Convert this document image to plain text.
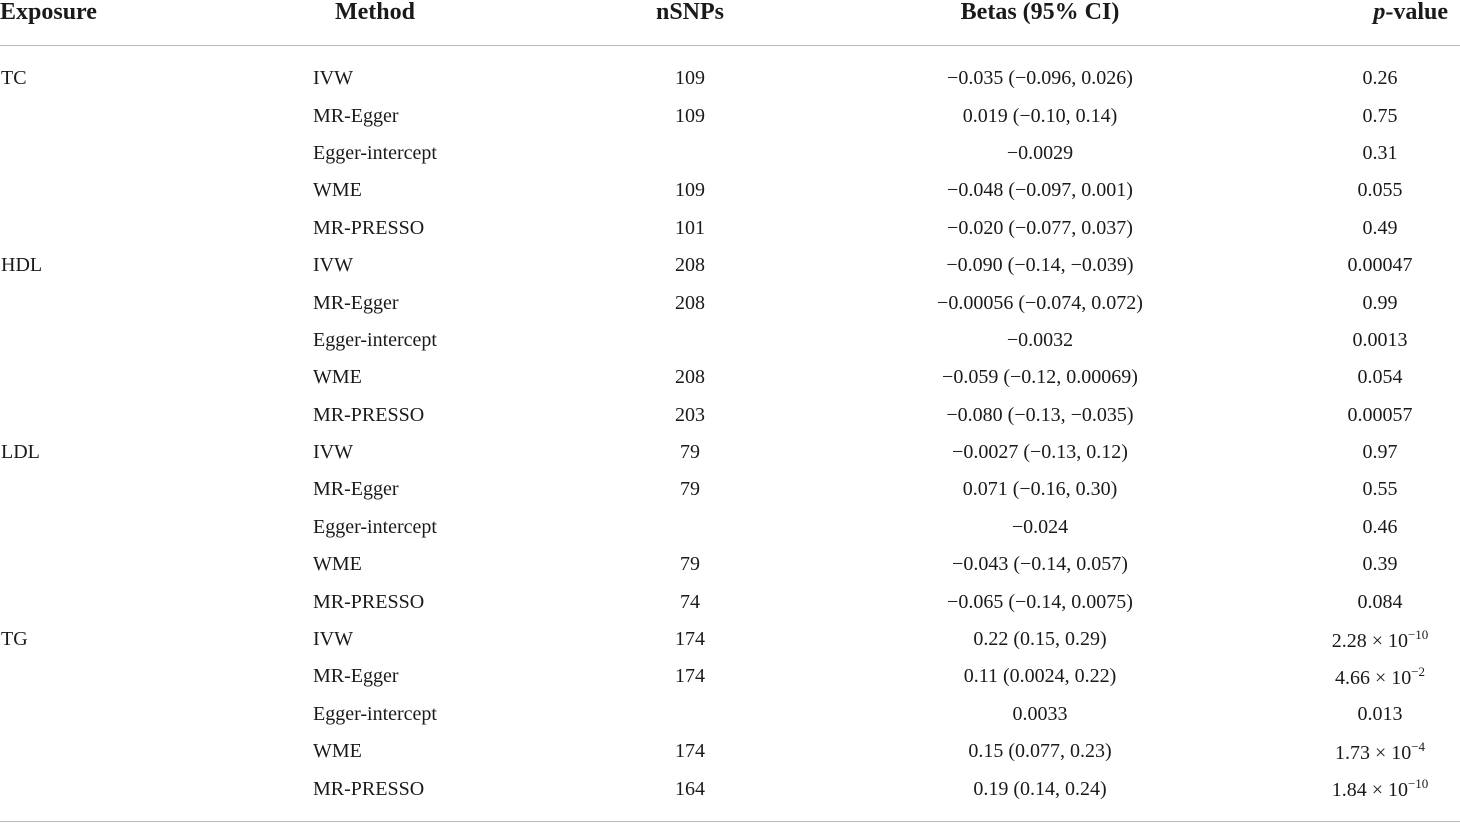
Exposure	Method	nSNPs	Betas (95% CI)	p-value
TC	IVW	109	−0.035 (−0.096, 0.026)	0.26
	MR-Egger	109	0.019 (−0.10, 0.14)	0.75
	Egger-intercept		−0.0029	0.31
	WME	109	−0.048 (−0.097, 0.001)	0.055
	MR-PRESSO	101	−0.020 (−0.077, 0.037)	0.49
HDL	IVW	208	−0.090 (−0.14, −0.039)	0.00047
	MR-Egger	208	−0.00056 (−0.074, 0.072)	0.99
	Egger-intercept		−0.0032	0.0013
	WME	208	−0.059 (−0.12, 0.00069)	0.054
	MR-PRESSO	203	−0.080 (−0.13, −0.035)	0.00057
LDL	IVW	79	−0.0027 (−0.13, 0.12)	0.97
	MR-Egger	79	0.071 (−0.16, 0.30)	0.55
	Egger-intercept		−0.024	0.46
	WME	79	−0.043 (−0.14, 0.057)	0.39
	MR-PRESSO	74	−0.065 (−0.14, 0.0075)	0.084
TG	IVW	174	0.22 (0.15, 0.29)	$2.28 \times 10^{-10}$
	MR-Egger	174	0.11 (0.0024, 0.22)	$4.66 \times 10^{-2}$
	Egger-intercept		0.0033	0.013
	WME	174	0.15 (0.077, 0.23)	$1.73 \times 10^{-4}$
	MR-PRESSO	164	0.19 (0.14, 0.24)	$1.84 \times 10^{-10}$
